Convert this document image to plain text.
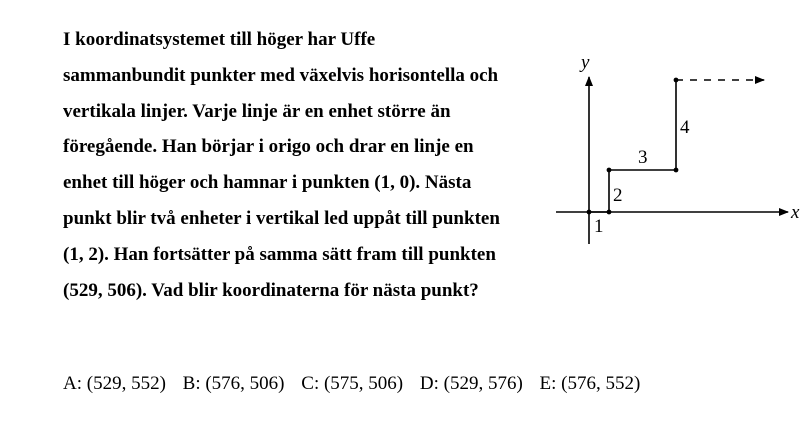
I koordinatsystemet till höger har Uffe
sammanbundit punkter med växelvis horisontella och
vertikala linjer. Varje linje är en enhet större än
föregående. Han börjar i origo och drar en linje en
enhet till höger och hamnar i punkten (1, 0). Nästa
punkt blir två enheter i vertikal led uppåt till punkten
(1, 2). Han fortsätter på samma sätt fram till punkten
(529, 506). Vad blir koordinaterna för nästa punkt?
x
y
1
2
3
4
A: (529, 552) B: (576, 506) C: (575, 506) D: (529, 576) E: (576, 552)
